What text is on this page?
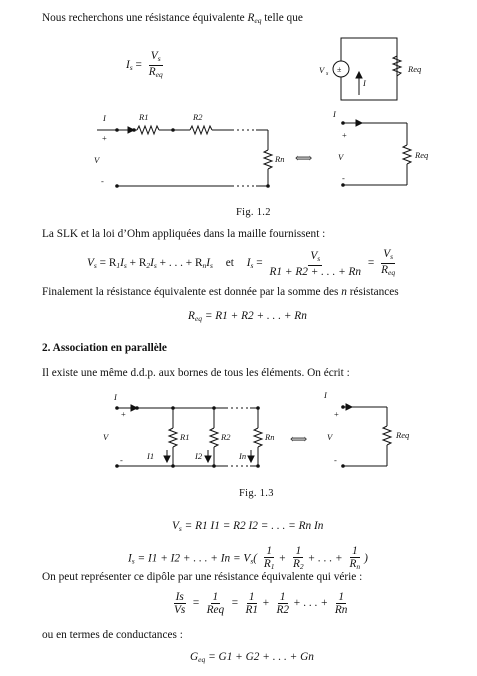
Nous recherchons une résistance équivalente $R_{eq}$ telle que
$I_s = \frac{V_s}{R_{eq}}$	V s ±
I
Req
I
+
V
-
R1	R2
Rn ⟺
I
+
V
-
Req
I
+
V
-
R1	R2	Rn
I1	I2	In
⟺
I
+
V
-
Req
Fig. 1.2
La SLK et la loi d’Ohm appliquées dans la maille fournissent :
$V_s = R_1I_s + R_2I_s$ + . . . + $R_nI_s$ et $I_s = \frac{V_s}{R1 + R2 + . . . + Rn} = \frac{V_s}{R_{eq}}$
Finalement la résistance équivalente est donnée par la somme des n résistances
$R_{eq} = R1 + R2$ + . . . + Rn
2. Association en parallèle
Il existe une même d.d.p. aux bornes de tous les éléments. On écrit :
Fig. 1.3
$V_s = R1$ I1 = R2 I2 = . . . = Rn In
$I_s = I1 + I2$ + . . . + $In = V_s( \frac{1}{R_1} + \frac{1}{R_2}$ + . . . + $\frac{1}{R_n}$ )
On peut représenter ce dipôle par une résistance équivalente qui vérie :
$\frac{Is}{Vs} = \frac{1}{\text{Req}} = \frac{1}{R1} + \frac{1}{R2}$ + . . . + $\frac{1}{Rn}$
ou en termes de conductances :
$G_{eq} = G1 + G2$ + . . . + Gn
